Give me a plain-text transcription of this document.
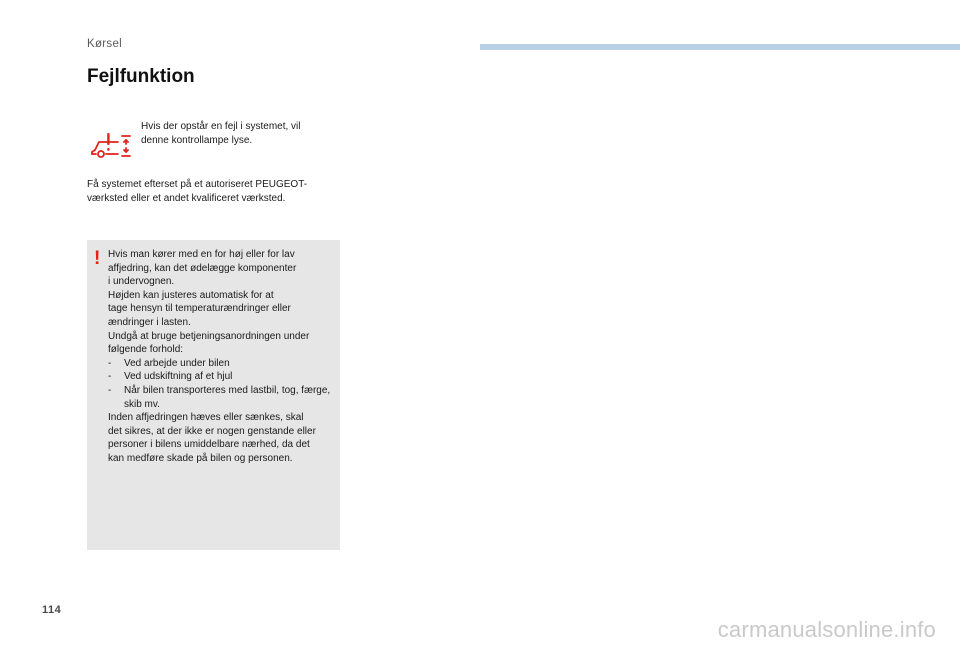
Kørsel
Fejlfunktion
Hvis der opstår en fejl i systemet, vil
denne kontrollampe lyse.
Få systemet efterset på et autoriseret PEUGEOT-
værksted eller et andet kvalificeret værksted.
Hvis man kører med en for høj eller for lav
affjedring, kan det ødelægge komponenter
i undervognen.
Højden kan justeres automatisk for at
tage hensyn til temperaturændringer eller
ændringer i lasten.
Undgå at bruge betjeningsanordningen under
følgende forhold:
-	Ved arbejde under bilen
-	Ved udskiftning af et hjul
-	Når bilen transporteres med lastbil, tog, færge, skib mv.
Inden affjedringen hæves eller sænkes, skal
det sikres, at der ikke er nogen genstande eller
personer i bilens umiddelbare nærhed, da det
kan medføre skade på bilen og personen.
!
114
carmanualsonline.info
